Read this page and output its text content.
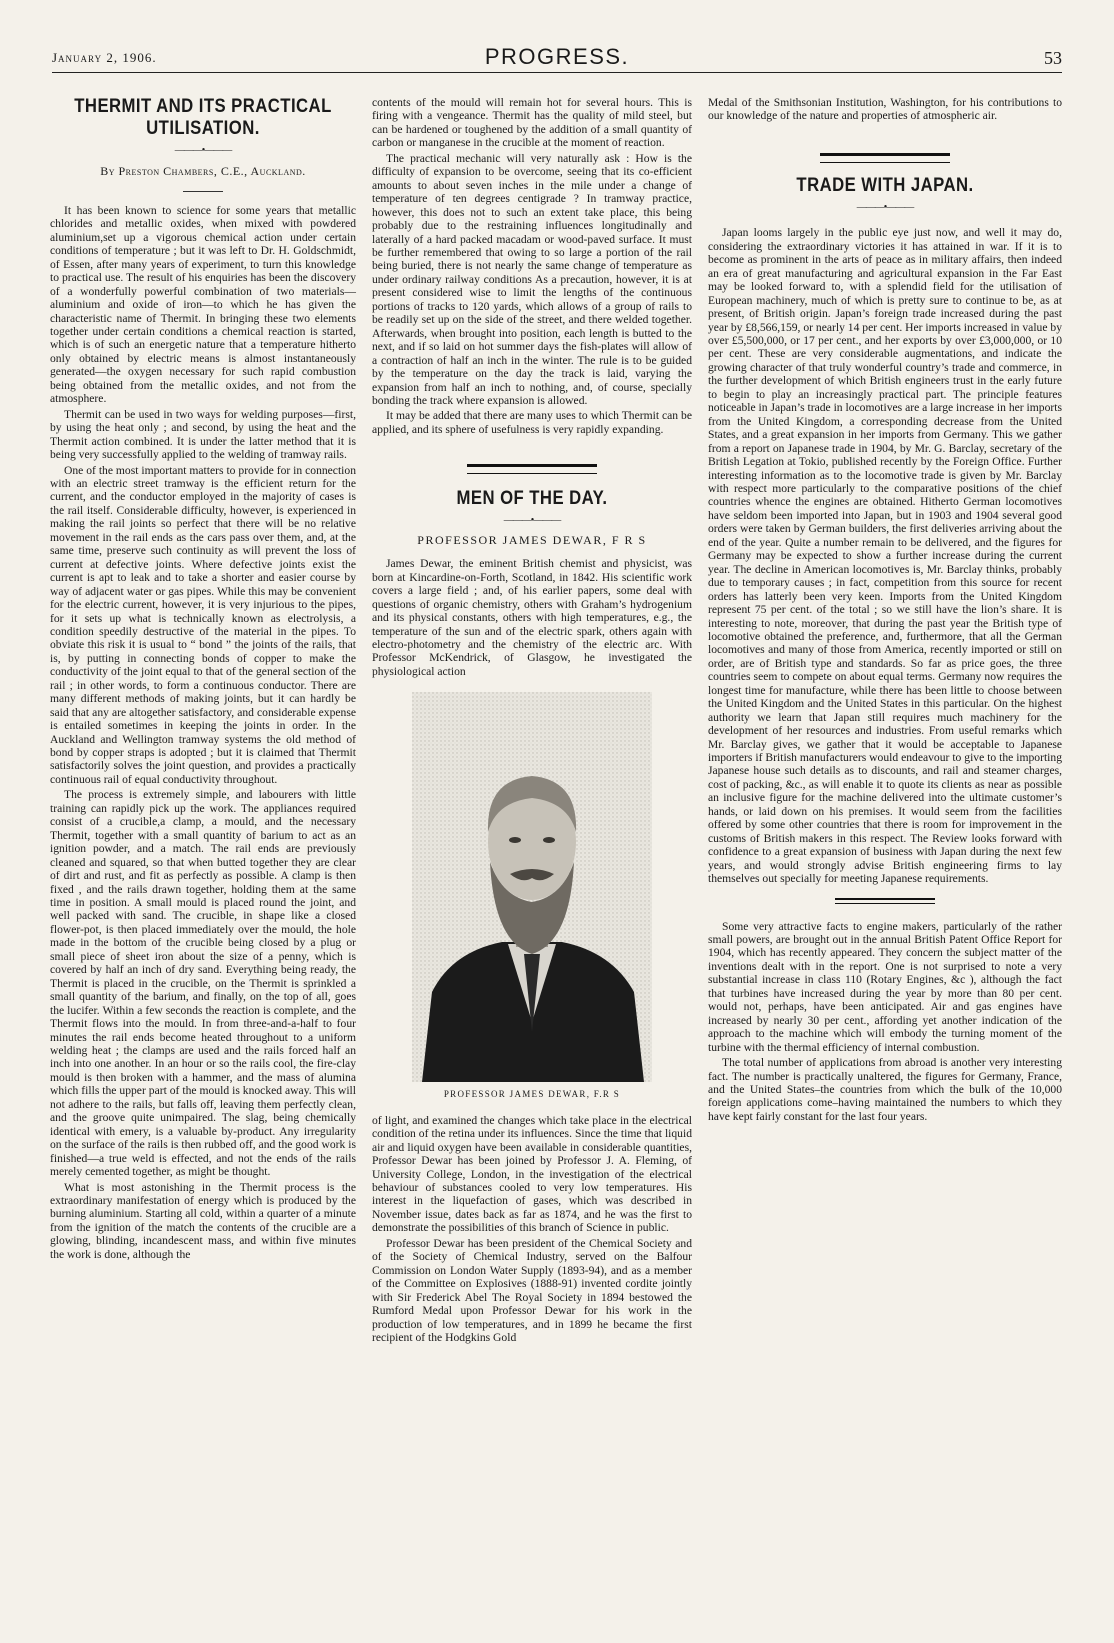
January 2, 1906.	PROGRESS.	53
THERMIT AND ITS PRACTICAL UTILISATION.
———•———
By Preston Chambers, C.E., Auckland.

It has been known to science for some years that metallic chlorides and metallic oxides, when mixed with powdered aluminium,set up a vigorous chemical action under certain conditions of temperature ; but it was left to Dr. H. Goldschmidt, of Essen, after many years of experiment, to turn this knowledge to practical use. The result of his enquiries has been the discovery of a wonderfully powerful combination of two materials—aluminium and oxide of iron—to which he has given the characteristic name of Thermit. In bringing these two elements together under certain conditions a chemical reaction is started, which is of such an energetic nature that a temperature hitherto only obtained by electric means is almost instantaneously generated—the oxygen necessary for such rapid combustion being obtained from the metallic oxides, and not from the atmosphere.

Thermit can be used in two ways for welding purposes—first, by using the heat only ; and second, by using the heat and the Thermit action combined. It is under the latter method that it is being very successfully applied to the welding of tramway rails.

One of the most important matters to provide for in connection with an electric street tramway is the efficient return for the current, and the conductor employed in the majority of cases is the rail itself. Considerable difficulty, however, is experienced in making the rail joints so perfect that there will be no relative movement in the rail ends as the cars pass over them, and, at the same time, preserve such continuity as will prevent the loss of current at defective joints. Where defective joints exist the current is apt to leak and to take a shorter and easier course by way of adjacent water or gas pipes. While this may be convenient for the electric current, however, it is very injurious to the pipes, for it sets up what is technically known as electrolysis, a condition speedily destructive of the material in the pipes. To obviate this risk it is usual to “ bond ” the joints of the rails, that is, by putting in connecting bonds of copper to make the conductivity of the joint equal to that of the general section of the rail ; in other words, to form a continuous conductor. There are many different methods of making joints, but it can hardly be said that any are altogether satisfactory, and considerable expense is entailed sometimes in keeping the joints in order. In the Auckland and Wellington tramway systems the old method of bond by copper straps is adopted ; but it is claimed that Thermit satisfactorily solves the joint question, and provides a practically continuous rail of equal conductivity throughout.

The process is extremely simple, and labourers with little training can rapidly pick up the work. The appliances required consist of a crucible,a clamp, a mould, and the necessary Thermit, together with a small quantity of barium to act as an ignition powder, and a match. The rail ends are previously cleaned and squared, so that when butted together they are clear of dirt and rust, and fit as perfectly as possible. A clamp is then fixed , and the rails drawn together, holding them at the same time in position. A small mould is placed round the joint, and well packed with sand. The crucible, in shape like a closed flower-pot, is then placed immediately over the mould, the hole made in the bottom of the crucible being closed by a plug or small piece of sheet iron about the size of a penny, which is covered by half an inch of dry sand. Everything being ready, the Thermit is placed in the crucible, on the Thermit is sprinkled a small quantity of the barium, and finally, on the top of all, goes the lucifer. Within a few seconds the reaction is complete, and the Thermit flows into the mould. In from three-and-a-half to four minutes the rail ends become heated throughout to a uniform welding heat ; the clamps are used and the rails forced half an inch into one another. In an hour or so the rails cool, the fire-clay mould is then broken with a hammer, and the mass of alumina which fills the upper part of the mould is knocked away. This will not adhere to the rails, but falls off, leaving them perfectly clean, and the groove quite unimpaired. The slag, being chemically identical with emery, is a valuable by-product. Any irregularity on the surface of the rails is then rubbed off, and the good work is finished—a true weld is effected, and not the ends of the rails merely cemented together, as might be thought.

What is most astonishing in the Thermit process is the extraordinary manifestation of energy which is produced by the burning aluminium. Starting all cold, within a quarter of a minute from the ignition of the match the contents of the crucible are a glowing, blinding, incandescent mass, and within five minutes the work is done, although the

contents of the mould will remain hot for several hours. This is firing with a vengeance. Thermit has the quality of mild steel, but can be hardened or toughened by the addition of a small quantity of carbon or manganese in the crucible at the moment of reaction.

The practical mechanic will very naturally ask : How is the difficulty of expansion to be overcome, seeing that its co-efficient amounts to about seven inches in the mile under a change of temperature of ten degrees centigrade ? In tramway practice, however, this does not to such an extent take place, this being probably due to the restraining influences longitudinally and laterally of a hard packed macadam or wood-paved surface. It must be further remembered that owing to so large a portion of the rail being buried, there is not nearly the same change of temperature as under ordinary railway conditions As a precaution, however, it is at present considered wise to limit the lengths of the continuous portions of tracks to 120 yards, which allows of a group of rails to be readily set up on the side of the street, and there welded together. Afterwards, when brought into position, each length is butted to the next, and if so laid on hot summer days the fish-plates will allow of a contraction of half an inch in the winter. The rule is to be guided by the temperature on the day the track is laid, varying the expansion from half an inch to nothing, and, of course, specially bonding the track where expansion is allowed.

It may be added that there are many uses to which Thermit can be applied, and its sphere of usefulness is very rapidly expanding.

MEN OF THE DAY.
———•———
PROFESSOR JAMES DEWAR, F R S

James Dewar, the eminent British chemist and physicist, was born at Kincardine-on-Forth, Scotland, in 1842. His scientific work covers a large field ; and, of his earlier papers, some deal with questions of organic chemistry, others with Graham’s hydrogenium and its physical constants, others with high temperatures, e.g., the temperature of the sun and of the electric spark, others again with electro-photometry and the chemistry of the electric arc. With Professor McKendrick, of Glasgow, he investigated the physiological action

PROFESSOR JAMES DEWAR, F.R S

of light, and examined the changes which take place in the electrical condition of the retina under its influences. Since the time that liquid air and liquid oxygen have been available in considerable quantities, Professor Dewar has been joined by Professor J. A. Fleming, of University College, London, in the investigation of the electrical behaviour of substances cooled to very low temperatures. His interest in the liquefaction of gases, which was described in November issue, dates back as far as 1874, and he was the first to demonstrate the possibilities of this branch of Science in public.

Professor Dewar has been president of the Chemical Society and of the Society of Chemical Industry, served on the Balfour Commission on London Water Supply (1893-94), and as a member of the Committee on Explosives (1888-91) invented cordite jointly with Sir Frederick Abel The Royal Society in 1894 bestowed the Rumford Medal upon Professor Dewar for his work in the production of low temperatures, and in 1899 he became the first recipient of the Hodgkins Gold

Medal of the Smithsonian Institution, Washington, for his contributions to our knowledge of the nature and properties of atmospheric air.

TRADE WITH JAPAN.
———•———

Japan looms largely in the public eye just now, and well it may do, considering the extraordinary victories it has attained in war. If it is to become as prominent in the arts of peace as in military affairs, then indeed an era of great manufacturing and agricultural expansion in the Far East may be looked forward to, with a splendid field for the utilisation of European machinery, much of which is pretty sure to continue to be, as at present, of British origin. Japan’s foreign trade increased during the past year by £8,566,159, or nearly 14 per cent. Her imports increased in value by over £5,500,000, or 17 per cent., and her exports by over £3,000,000, or 10 per cent. These are very considerable augmentations, and indicate the growing character of that truly wonderful country’s trade and commerce, in the further development of which British engineers trust in the early future to begin to play an increasingly practical part. The principle features noticeable in Japan’s trade in locomotives are a large increase in her imports from the United Kingdom, a corresponding decrease from the United States, and a great expansion in her imports from Germany. This we gather from a report on Japanese trade in 1904, by Mr. G. Barclay, secretary of the British Legation at Tokio, published recently by the Foreign Office. Further interesting information as to the locomotive trade is given by Mr. Barclay with respect more particularly to the comparative positions of the chief countries whence the engines are obtained. Hitherto German locomotives have seldom been imported into Japan, but in 1903 and 1904 several good orders were taken by German builders, the first deliveries arriving about the end of the year. Quite a number remain to be delivered, and the figures for Germany may be expected to show a further increase during the current year. The decline in American locomotives is, Mr. Barclay thinks, probably due to temporary causes ; in fact, competition from this source for recent orders has latterly been very keen. Imports from the United Kingdom represent 75 per cent. of the total ; so we still have the lion’s share. It is interesting to note, moreover, that during the past year the British type of locomotive obtained the preference, and, furthermore, that all the German locomotives and many of those from America, recently imported or still on order, are of British type and standards. So far as price goes, the three countries seem to compete on about equal terms. Germany now requires the longest time for manufacture, while there has been little to choose between the United Kingdom and the United States in this particular. On the highest authority we learn that Japan still requires much machinery for the development of her resources and industries. From useful remarks which Mr. Barclay gives, we gather that it would be acceptable to Japanese importers if British manufacturers would endeavour to give to the importing Japanese house such details as to discounts, and rail and steamer charges, cost of packing, &c., as will enable it to quote its clients as near as possible an inclusive figure for the machine delivered into the ultimate customer’s hands, or laid down on his premises. It would seem from the facilities offered by some other countries that there is room for improvement in the customs of British makers in this respect. The Review looks forward with confidence to a great expansion of business with Japan during the next few years, and would strongly advise British engineering firms to lay themselves out specially for meeting Japanese requirements.

Some very attractive facts to engine makers, particularly of the rather small powers, are brought out in the annual British Patent Office Report for 1904, which has recently appeared. They concern the subject matter of the inventions dealt with in the report. One is not surprised to note a very substantial increase in class 110 (Rotary Engines, &c ), although the fact that turbines have increased during the year by more than 80 per cent. would not, perhaps, have been anticipated. Air and gas engines have increased by nearly 30 per cent., affording yet another indication of the approach to the machine which will embody the turning moment of the turbine with the thermal efficiency of internal combustion.

The total number of applications from abroad is another very interesting fact. The number is practically unaltered, the figures for Germany, France, and the United States–the countries from which the bulk of the 10,000 foreign applications come–having maintained the numbers to which they have kept fairly constant for the last four years.
